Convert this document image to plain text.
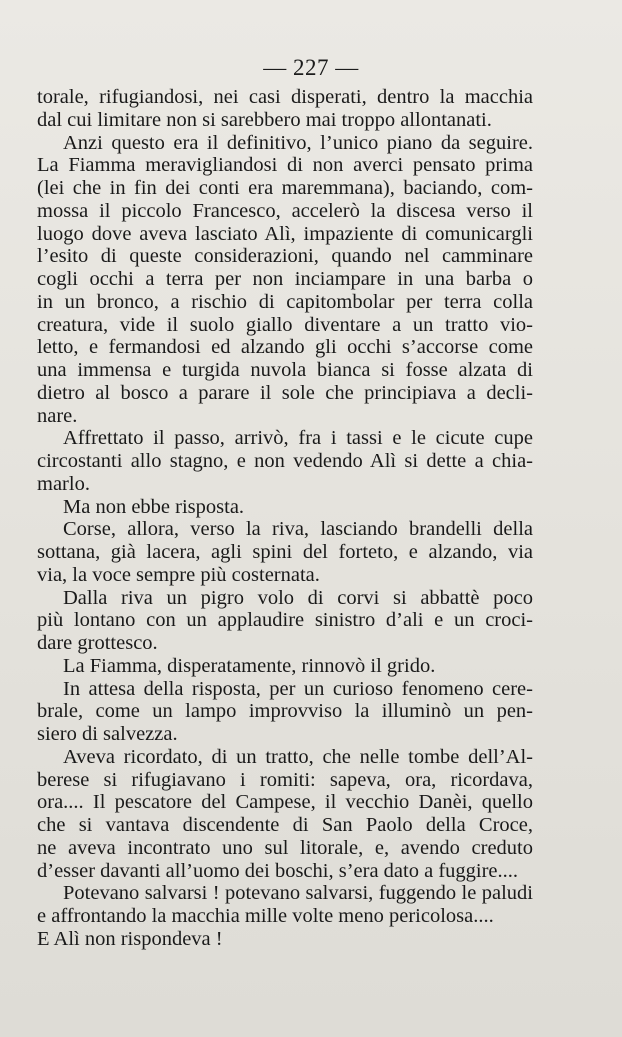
— 227 —
torale, rifugiandosi, nei casi disperati, dentro la macchia
dal cui limitare non si sarebbero mai troppo allontanati.
Anzi questo era il definitivo, l’unico piano da seguire.
La Fiamma meravigliandosi di non averci pensato prima
(lei che in fin dei conti era maremmana), baciando, com-
mossa il piccolo Francesco, accelerò la discesa verso il
luogo dove aveva lasciato Alì, impaziente di comunicargli
l’esito di queste considerazioni, quando nel camminare
cogli occhi a terra per non inciampare in una barba o
in un bronco, a rischio di capitombolar per terra colla
creatura, vide il suolo giallo diventare a un tratto vio-
letto, e fermandosi ed alzando gli occhi s’accorse come
una immensa e turgida nuvola bianca si fosse alzata di
dietro al bosco a parare il sole che principiava a decli-
nare.
Affrettato il passo, arrivò, fra i tassi e le cicute cupe
circostanti allo stagno, e non vedendo Alì si dette a chia-
marlo.
Ma non ebbe risposta.
Corse, allora, verso la riva, lasciando brandelli della
sottana, già lacera, agli spini del forteto, e alzando, via
via, la voce sempre più costernata.
Dalla riva un pigro volo di corvi si abbattè poco
più lontano con un applaudire sinistro d’ali e un croci-
dare grottesco.
La Fiamma, disperatamente, rinnovò il grido.
In attesa della risposta, per un curioso fenomeno cere-
brale, come un lampo improvviso la illuminò un pen-
siero di salvezza.
Aveva ricordato, di un tratto, che nelle tombe dell’Al-
berese si rifugiavano i romiti: sapeva, ora, ricordava,
ora.... Il pescatore del Campese, il vecchio Danèi, quello
che si vantava discendente di San Paolo della Croce,
ne aveva incontrato uno sul litorale, e, avendo creduto
d’esser davanti all’uomo dei boschi, s’era dato a fuggire....
Potevano salvarsi ! potevano salvarsi, fuggendo le paludi
e affrontando la macchia mille volte meno pericolosa....
E Alì non rispondeva !
